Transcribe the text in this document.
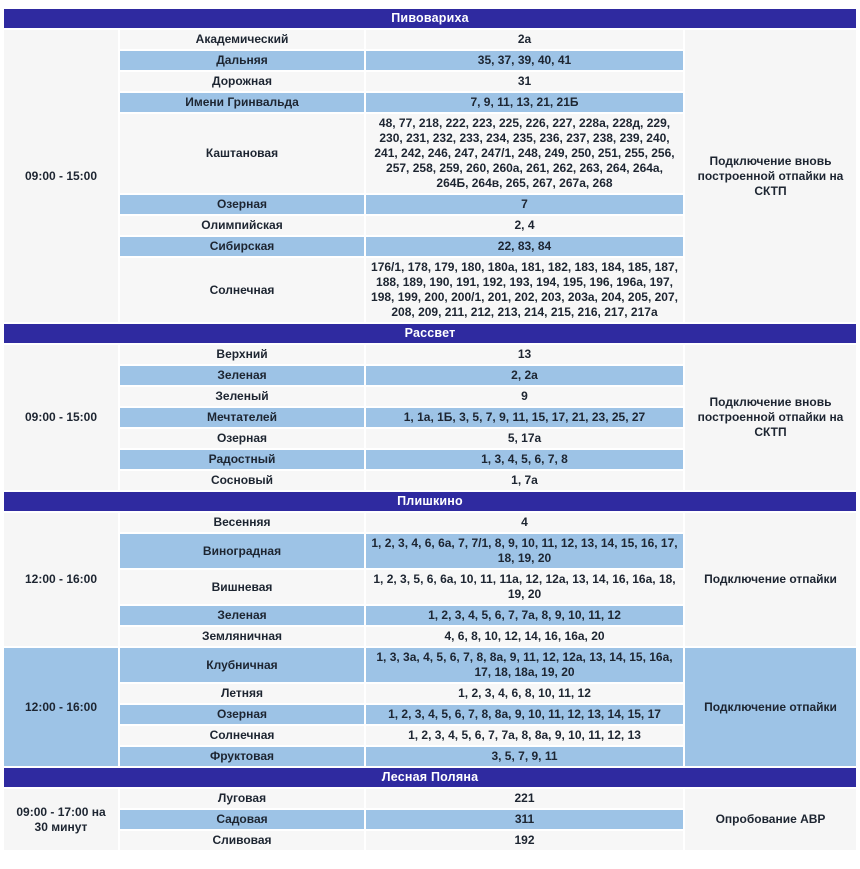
Пивовариха			
09:00 - 15:00	Академический	2а	Подключение вновь построенной отпайки на СКТП
	Дальняя	35, 37, 39, 40, 41	
	Дорожная	31	
	Имени Гринвальда	7, 9, 11, 13, 21, 21Б	
	Каштановая	48, 77, 218, 222, 223, 225, 226, 227, 228а, 228д, 229, 230, 231, 232, 233, 234, 235, 236, 237, 238, 239, 240, 241, 242, 246, 247, 247/1, 248, 249, 250, 251, 255, 256, 257, 258, 259, 260, 260а, 261, 262, 263, 264, 264а, 264Б, 264в, 265, 267, 267а, 268	
	Озерная	7	
	Олимпийская	2, 4	
	Сибирская	22, 83, 84	
	Солнечная	176/1, 178, 179, 180, 180а, 181, 182, 183, 184, 185, 187, 188, 189, 190, 191, 192, 193, 194, 195, 196, 196а, 197, 198, 199, 200, 200/1, 201, 202, 203, 203а, 204, 205, 207, 208, 209, 211, 212, 213, 214, 215, 216, 217, 217а	
Рассвет			
09:00 - 15:00	Верхний	13	Подключение вновь построенной отпайки на СКТП
	Зеленая	2, 2а	
	Зеленый	9	
	Мечтателей	1, 1а, 1Б, 3, 5, 7, 9, 11, 15, 17, 21, 23, 25, 27	
	Озерная	5, 17а	
	Радостный	1, 3, 4, 5, 6, 7, 8	
	Сосновый	1, 7а	
Плишкино			
12:00 - 16:00	Весенняя	4	Подключение отпайки
	Виноградная	1, 2, 3, 4, 6, 6а, 7, 7/1, 8, 9, 10, 11, 12, 13, 14, 15, 16, 17, 18, 19, 20	
	Вишневая	1, 2, 3, 5, 6, 6а, 10, 11, 11а, 12, 12а, 13, 14, 16, 16а, 18, 19, 20	
	Зеленая	1, 2, 3, 4, 5, 6, 7, 7а, 8, 9, 10, 11, 12	
	Земляничная	4, 6, 8, 10, 12, 14, 16, 16а, 20	
12:00 - 16:00	Клубничная	1, 3, 3а, 4, 5, 6, 7, 8, 8а, 9, 11, 12, 12а, 13, 14, 15, 16а, 17, 18, 18а, 19, 20	Подключение отпайки
	Летняя	1, 2, 3, 4, 6, 8, 10, 11, 12	
	Озерная	1, 2, 3, 4, 5, 6, 7, 8, 8а, 9, 10, 11, 12, 13, 14, 15, 17	
	Солнечная	1, 2, 3, 4, 5, 6, 7, 7а, 8, 8а, 9, 10, 11, 12, 13	
	Фруктовая	3, 5, 7, 9, 11	
Лесная Поляна			
09:00 - 17:00 на 30 минут	Луговая	221	Опробование АВР
	Садовая	311	
	Сливовая	192	
